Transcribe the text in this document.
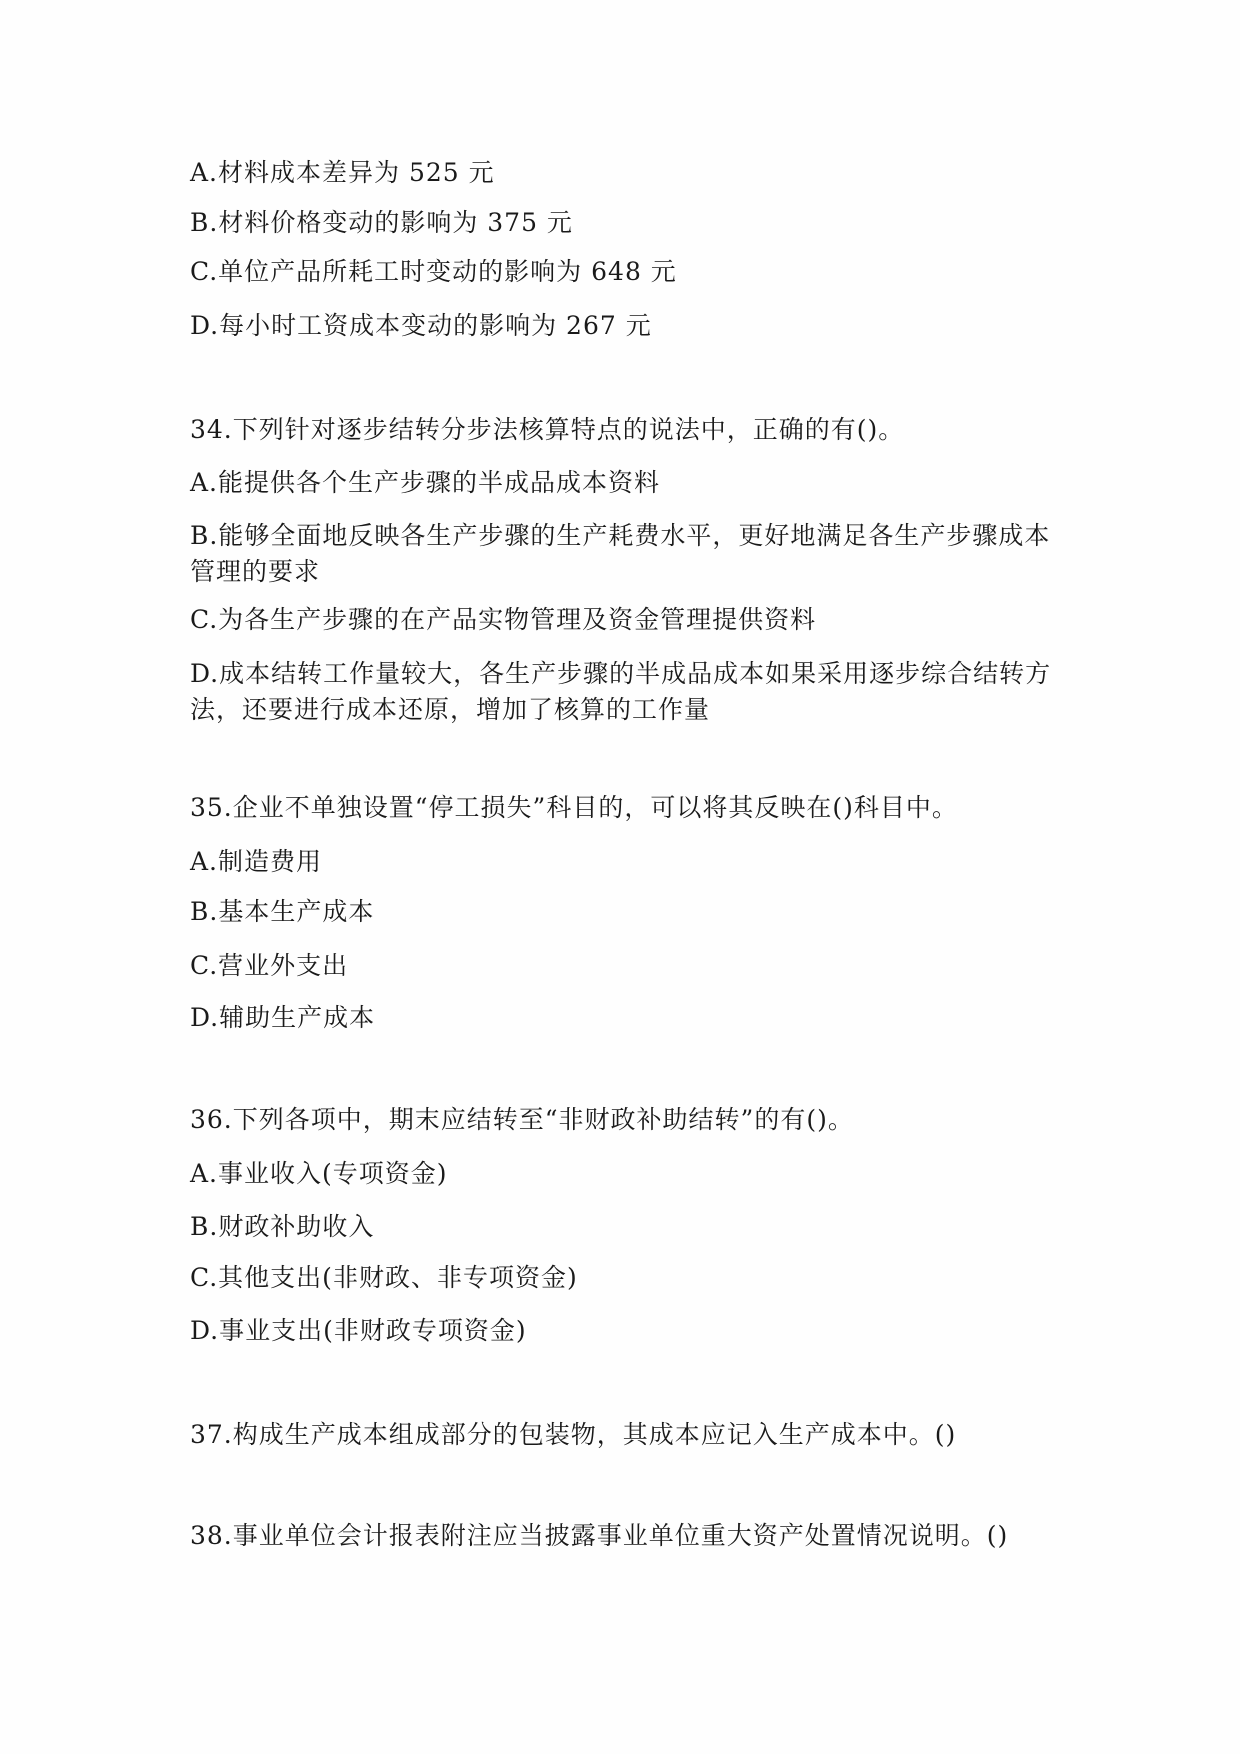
A.材料成本差异为 525 元
B.材料价格变动的影响为 375 元
C.单位产品所耗工时变动的影响为 648 元
D.每小时工资成本变动的影响为 267 元
34.下列针对逐步结转分步法核算特点的说法中，正确的有()。
A.能提供各个生产步骤的半成品成本资料
B.能够全面地反映各生产步骤的生产耗费水平，更好地满足各生产步骤成本管理的要求
C.为各生产步骤的在产品实物管理及资金管理提供资料
D.成本结转工作量较大，各生产步骤的半成品成本如果采用逐步综合结转方法，还要进行成本还原，增加了核算的工作量
35.企业不单独设置“停工损失”科目的，可以将其反映在()科目中。
A.制造费用
B.基本生产成本
C.营业外支出
D.辅助生产成本
36.下列各项中，期末应结转至“非财政补助结转”的有()。
A.事业收入(专项资金)
B.财政补助收入
C.其他支出(非财政、非专项资金)
D.事业支出(非财政专项资金)
37.构成生产成本组成部分的包装物，其成本应记入生产成本中。()
38.事业单位会计报表附注应当披露事业单位重大资产处置情况说明。()
